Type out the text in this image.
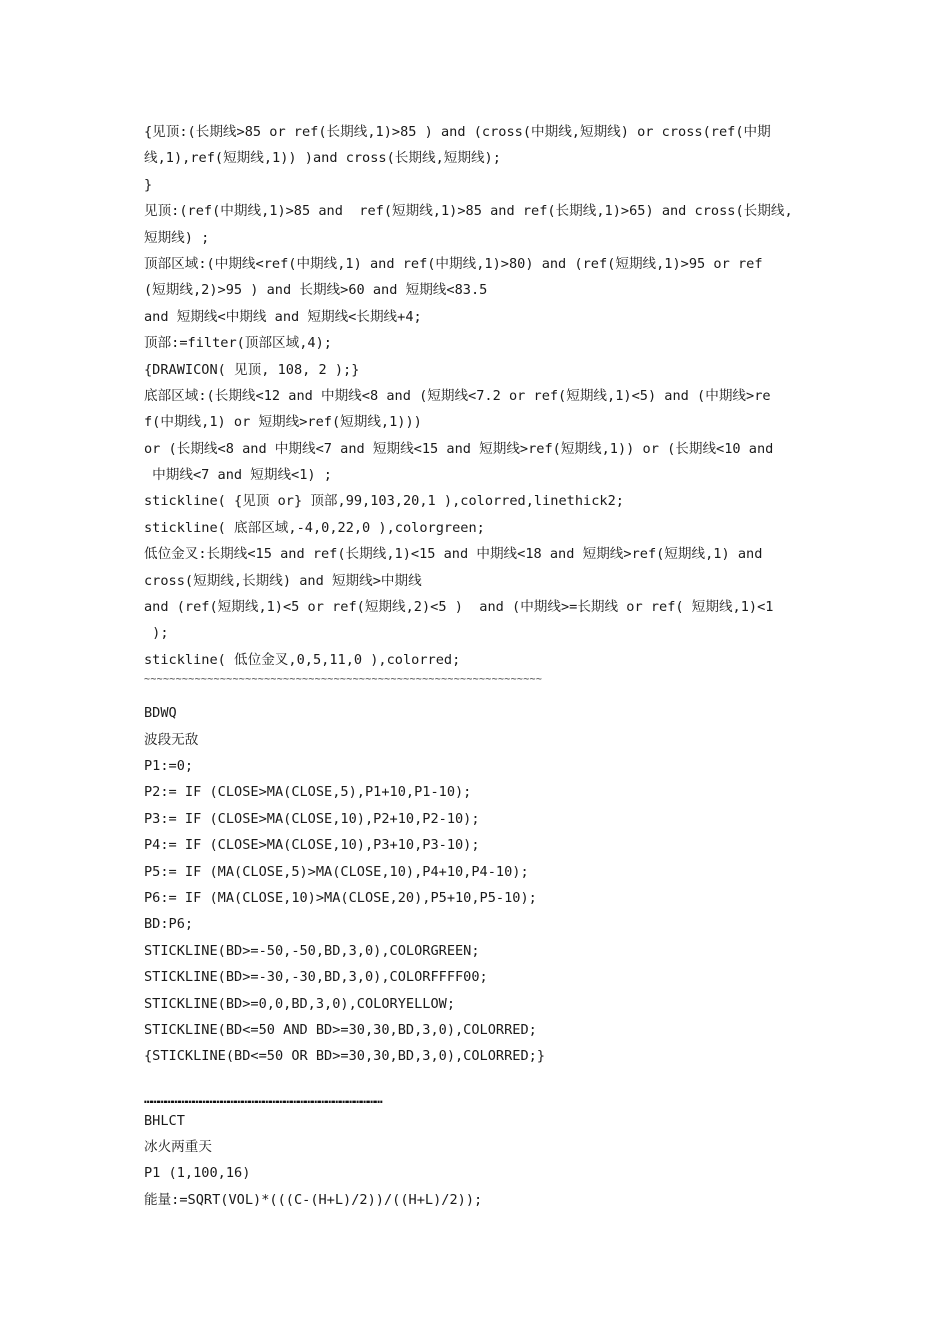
{见顶:(长期线>85 or ref(长期线,1)>85 ) and (cross(中期线,短期线) or cross(ref(中期
线,1),ref(短期线,1)) )and cross(长期线,短期线);
}
见顶:(ref(中期线,1)>85 and  ref(短期线,1)>85 and ref(长期线,1)>65) and cross(长期线,
短期线) ;
顶部区域:(中期线<ref(中期线,1) and ref(中期线,1)>80) and (ref(短期线,1)>95 or ref
(短期线,2)>95 ) and 长期线>60 and 短期线<83.5
and 短期线<中期线 and 短期线<长期线+4;
顶部:=filter(顶部区域,4);
{DRAWICON( 见顶, 108, 2 );}
底部区域:(长期线<12 and 中期线<8 and (短期线<7.2 or ref(短期线,1)<5) and (中期线>re
f(中期线,1) or 短期线>ref(短期线,1)))
or (长期线<8 and 中期线<7 and 短期线<15 and 短期线>ref(短期线,1)) or (长期线<10 and
中期线<7 and 短期线<1) ;
stickline( {见顶 or} 顶部,99,103,20,1 ),colorred,linethick2;
stickline( 底部区域,-4,0,22,0 ),colorgreen;
低位金叉:长期线<15 and ref(长期线,1)<15 and 中期线<18 and 短期线>ref(短期线,1) and
cross(短期线,长期线) and 短期线>中期线
and (ref(短期线,1)<5 or ref(短期线,2)<5 )  and (中期线>=长期线 or ref( 短期线,1)<1
);
stickline( 低位金叉,0,5,11,0 ),colorred;
~~~~~~~~~~~~~~~~~~~~~~~~~~~~~~~~~~~~~~~~~~~~~~~~~~~~~~~~~~~~~~~
BDWQ
波段无敌
P1:=0;
P2:= IF (CLOSE>MA(CLOSE,5),P1+10,P1-10);
P3:= IF (CLOSE>MA(CLOSE,10),P2+10,P2-10);
P4:= IF (CLOSE>MA(CLOSE,10),P3+10,P3-10);
P5:= IF (MA(CLOSE,5)>MA(CLOSE,10),P4+10,P4-10);
P6:= IF (MA(CLOSE,10)>MA(CLOSE,20),P5+10,P5-10);
BD:P6;
STICKLINE(BD>=-50,-50,BD,3,0),COLORGREEN;
STICKLINE(BD>=-30,-30,BD,3,0),COLORFFFF00;
STICKLINE(BD>=0,0,BD,3,0),COLORYELLOW;
STICKLINE(BD<=50 AND BD>=30,30,BD,3,0),COLORRED;
{STICKLINE(BD<=50 OR BD>=30,30,BD,3,0),COLORRED;}
…………………………………………………………………………………………
BHLCT
冰火两重天
P1 (1,100,16)
能量:=SQRT(VOL)*(((C-(H+L)/2))/((H+L)/2));
